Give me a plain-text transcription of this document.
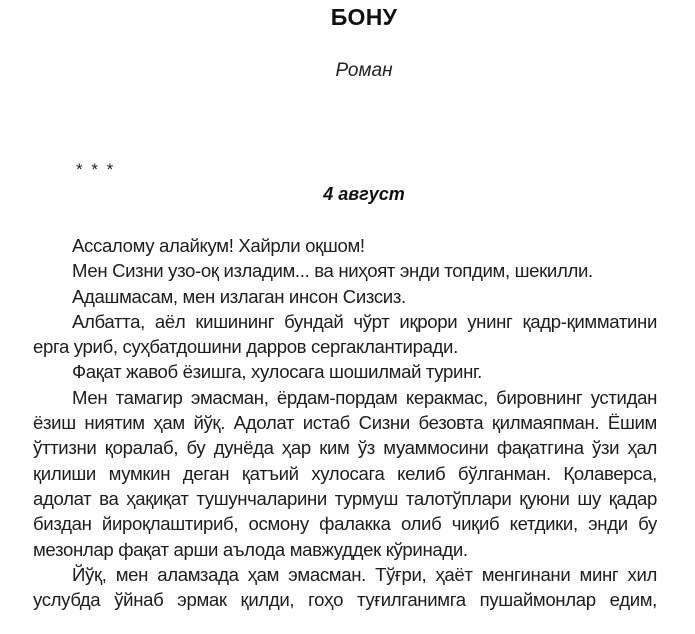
БОНУ
Роман
* * *
4 август

Ассалому алайкум! Хайрли оқшом!

Мен Сизни узо-оқ изладим... ва ниҳоят энди топдим, шекилли.

Адашмасам, мен излаган инсон Сизсиз.

Албатта, аёл кишининг бундай чўрт иқрори унинг қадр-қимматини ерга уриб, суҳбатдошини дарров сергаклантиради.

Фақат жавоб ёзишга, хулосага шошилмай туринг.

Мен тамагир эмасман, ёрдам-пордам кеpакмас, бировнинг устидан ёзиш ниятим ҳам йўқ. Адолат истаб Сизни безовта қилмаяпман. Ёшим ўттизни қоралаб, бу дунёда ҳар ким ўз муаммосини фақатгина ўзи ҳал қилиши мумкин деган қатъий хулосага келиб бўлганман. Қолаверса, адолат ва ҳақиқат тушунчаларини турмуш талотўплари қуюни шу қадар биздан йироқлаштириб, осмону фалакка олиб чиқиб кетдики, энди бу мезонлар фақат арши аълода мавжуддек кўринади.

Йўқ, мен аламзада ҳам эмасман. Тўғри, ҳаёт менгинани минг хил услубда ўйнаб эрмак қилди, гоҳо туғилганимга пушаймонлар едим,
